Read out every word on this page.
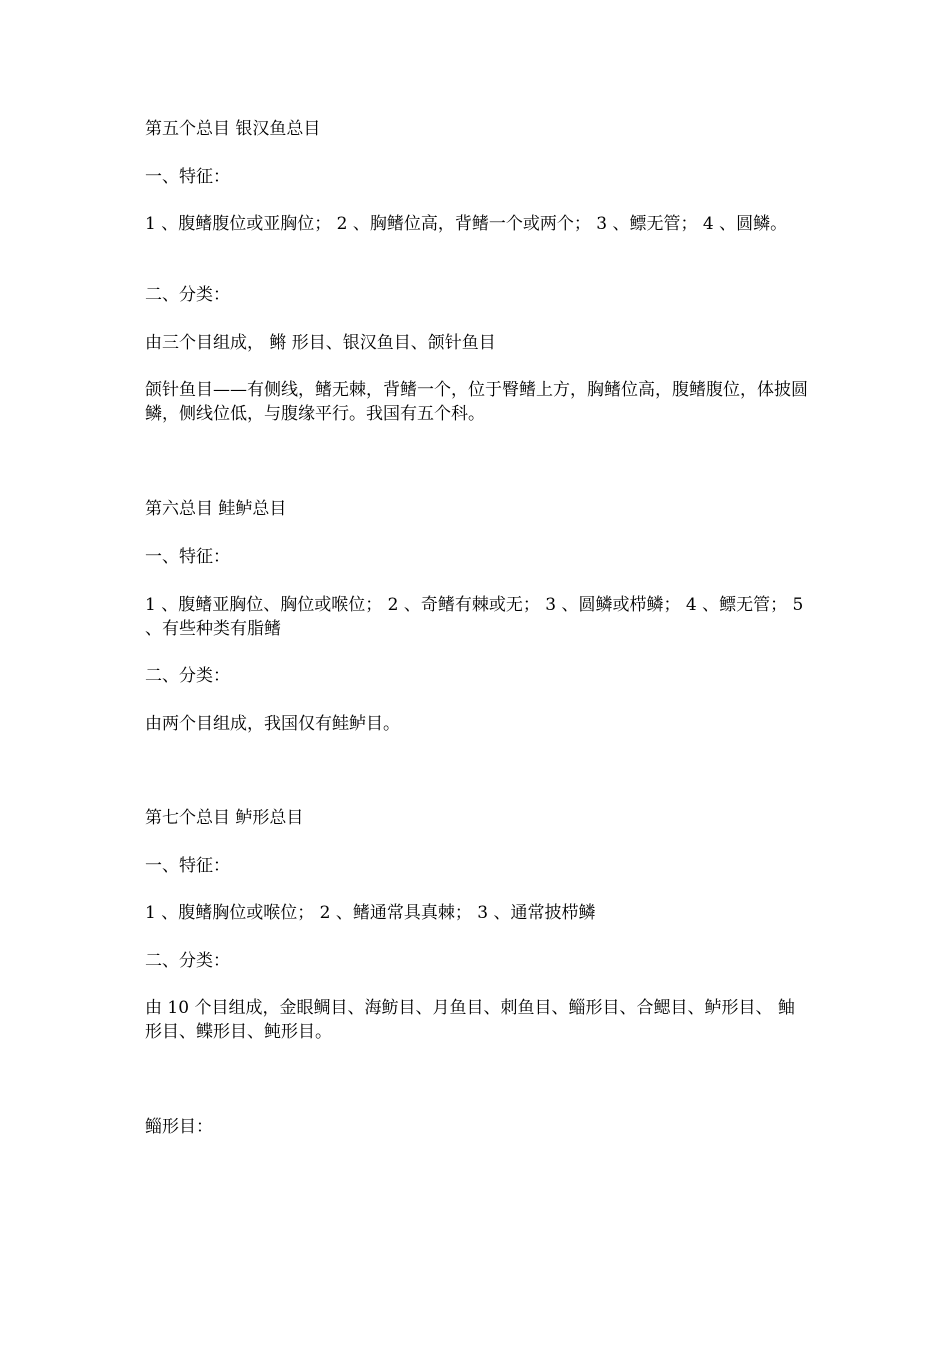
第五个总目 银汉鱼总目

一、特征：

1 、腹鳍腹位或亚胸位； 2 、胸鳍位高，背鳍一个或两个； 3 、鳔无管； 4 、圆鳞。

二、分类：

由三个目组成， 鳉 形目、银汉鱼目、颌针鱼目

颌针鱼目——有侧线，鳍无棘，背鳍一个，位于臀鳍上方，胸鳍位高，腹鳍腹位，体披圆鳞，侧线位低，与腹缘平行。我国有五个科。

第六总目 鲑鲈总目

一、特征：

1 、腹鳍亚胸位、胸位或喉位； 2 、奇鳍有棘或无； 3 、圆鳞或栉鳞； 4 、鳔无管； 5 、有些种类有脂鳍

二、分类：

由两个目组成，我国仅有鲑鲈目。

第七个总目 鲈形总目

一、特征：

1 、腹鳍胸位或喉位； 2 、鳍通常具真棘； 3 、通常披栉鳞

二、分类：

由 10 个目组成，金眼鲷目、海鲂目、月鱼目、刺鱼目、鲻形目、合鳃目、鲈形目、 鲉 形目、鲽形目、鲀形目。

鲻形目：
